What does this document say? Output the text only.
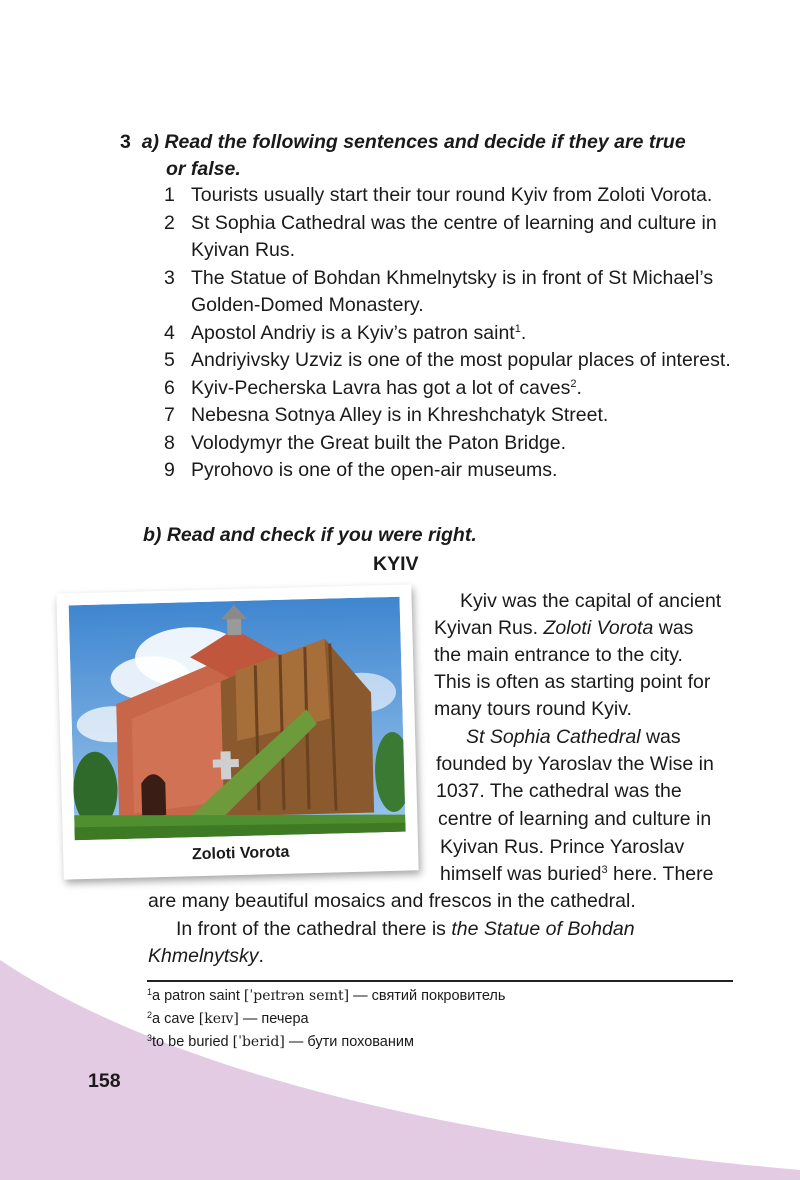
3 a) Read the following sentences and decide if they are true
or false.
1 Tourists usually start their tour round Kyiv from Zoloti Vorota.
2 St Sophia Cathedral was the centre of learning and culture in Kyivan Rus.
3 The Statue of Bohdan Khmelnytsky is in front of St Michael’s Golden-Domed Monastery.
4 Apostol Andriy is a Kyiv’s patron saint$^1$.
5 Andriyivsky Uzviz is one of the most popular places of interest.
6 Kyiv-Pecherska Lavra has got a lot of caves$^2$.
7 Nebesna Sotnya Alley is in Khreshchatyk Street.
8 Volodymyr the Great built the Paton Bridge.
9 Pyrohovo is one of the open-air museums.
b) Read and check if you were right.
KYIV
Zoloti Vorota
Kyiv was the capital of ancient
Kyivan Rus. Zoloti Vorota was
the main entrance to the city.
This is often as starting point for
many tours round Kyiv.
St Sophia Cathedral was
founded by Yaroslav the Wise in
1037. The cathedral was the
centre of learning and culture in
Kyivan Rus. Prince Yaroslav
himself was buried$^3$ here. There
are many beautiful mosaics and frescos in the cathedral.
In front of the cathedral there is the Statue of Bohdan
Khmelnytsky.
$^1$a patron saint [ˈpeɪtrən seɪnt] — святий покровитель
$^2$a cave [keɪv] — печера
$^3$to be buried [ˈberid] — бути похованим
158
